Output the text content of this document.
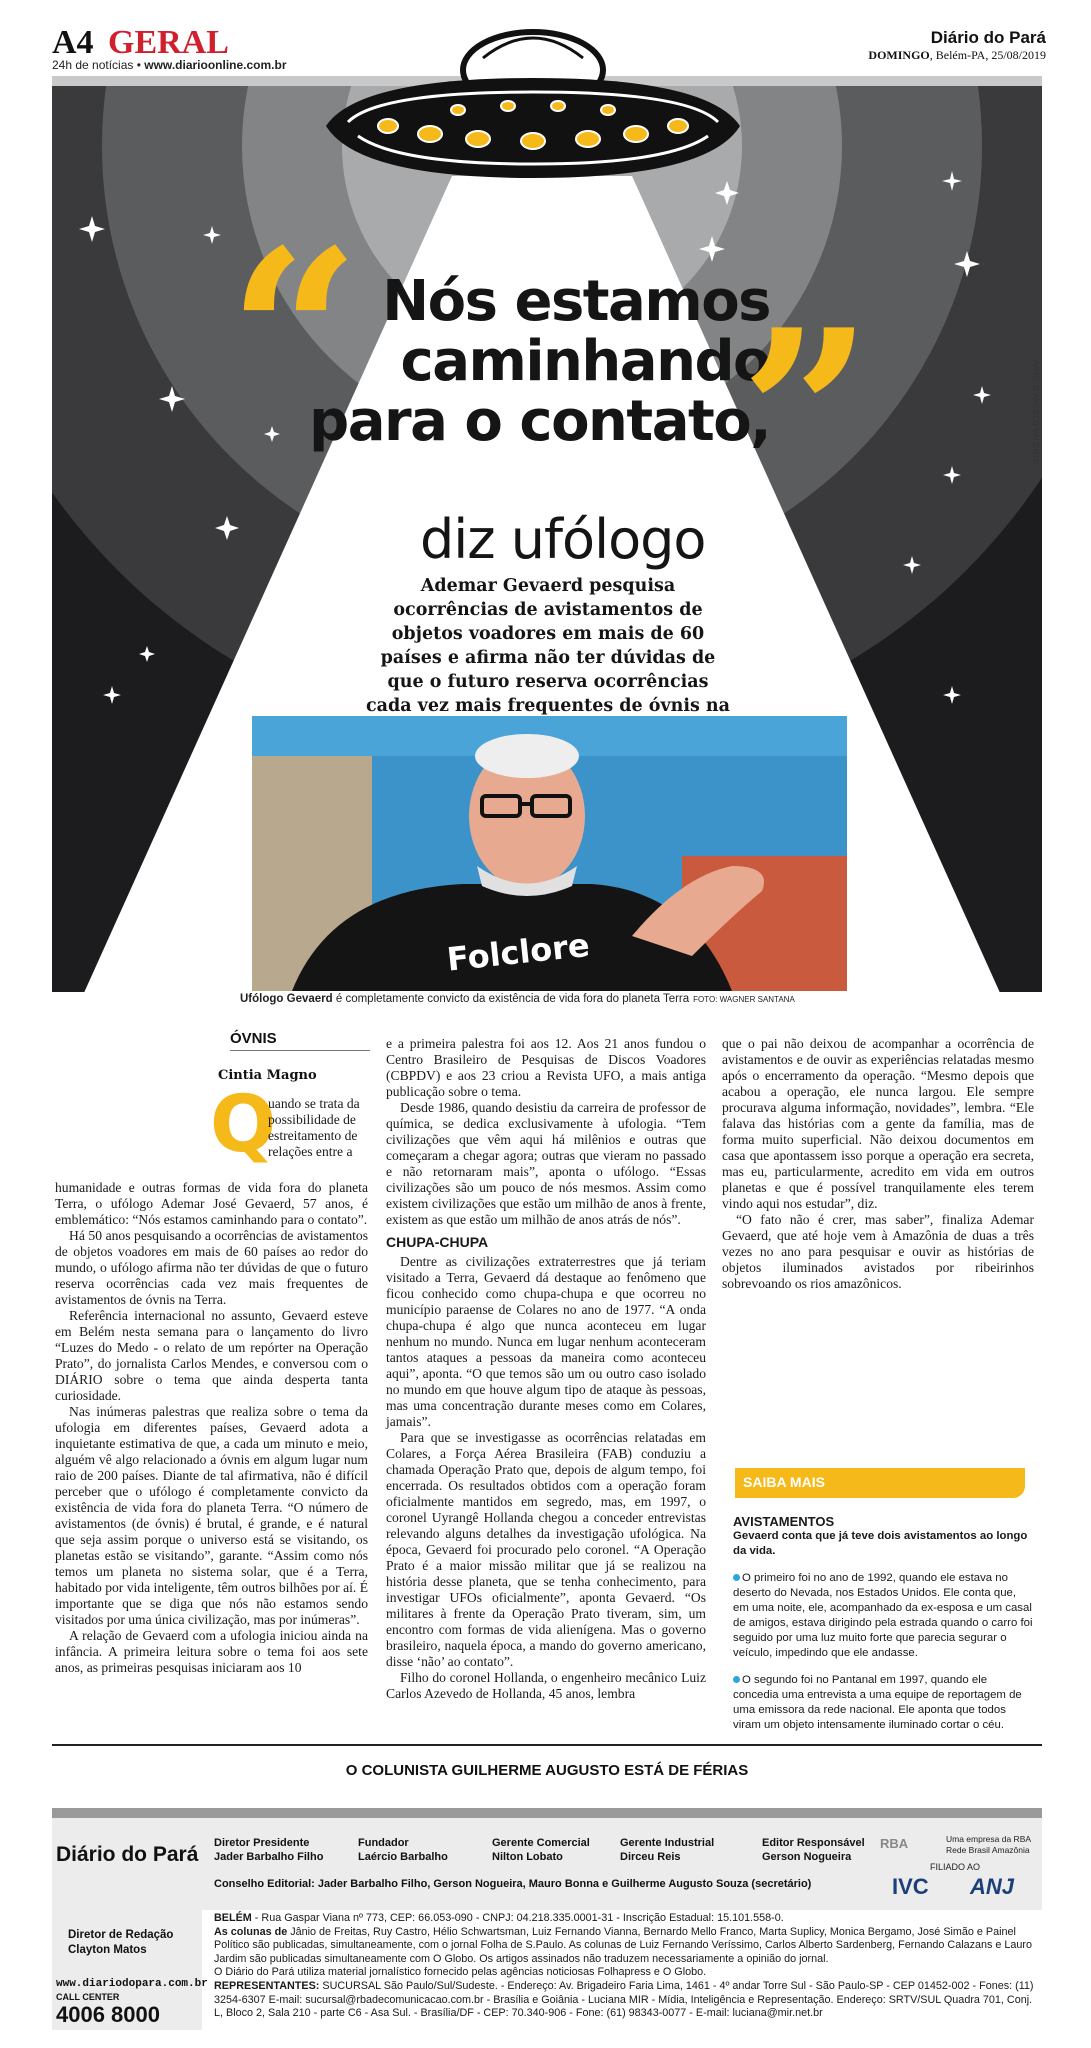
A4 GERAL
24h de notícias • www.diarioonline.com.br
Diário do Pará
DOMINGO, Belém-PA, 25/08/2019
“ Nós estamos
caminhando
para o contato,
”
diz ufólogo
Ademar Gevaerd pesquisa ocorrências de avistamentos de objetos voadores em mais de 60 países e afirma não ter dúvidas de que o futuro reserva ocorrências cada vez mais frequentes de óvnis na
ARTE: D'ANGELO VALENTE
Folclore
Ufólogo Gevaerd é completamente convicto da existência de vida fora do planeta Terra FOTO: WAGNER SANTANA
ÓVNIS
Cintia Magno
Q

uando se trata da possibilidade de estreitamento de relações entre a

humanidade e outras formas de vida fora do planeta Terra, o ufólogo Ademar José Gevaerd, 57 anos, é emblemático: “Nós estamos caminhando para o contato”.

Há 50 anos pesquisando a ocorrências de avistamentos de objetos voadores em mais de 60 países ao redor do mundo, o ufólogo afirma não ter dúvidas de que o futuro reserva ocorrências cada vez mais frequentes de avistamentos de óvnis na Terra.

Referência internacional no assunto, Gevaerd esteve em Belém nesta semana para o lançamento do livro “Luzes do Medo - o relato de um repórter na Operação Prato”, do jornalista Carlos Mendes, e conversou com o DIÁRIO sobre o tema que ainda desperta tanta curiosidade.

Nas inúmeras palestras que realiza sobre o tema da ufologia em diferentes países, Gevaerd adota a inquietante estimativa de que, a cada um minuto e meio, alguém vê algo relacionado a óvnis em algum lugar num raio de 200 países. Diante de tal afirmativa, não é difícil perceber que o ufólogo é completamente convicto da existência de vida fora do planeta Terra. “O número de avistamentos (de óvnis) é brutal, é grande, e é natural que seja assim porque o universo está se visitando, os planetas estão se visitando”, garante. “Assim como nós temos um planeta no sistema solar, que é a Terra, habitado por vida inteligente, têm outros bilhões por aí. É importante que se diga que nós não estamos sendo visitados por uma única civilização, mas por inúmeras”.

A relação de Gevaerd com a ufologia iniciou ainda na infância. A primeira leitura sobre o tema foi aos sete anos, as primeiras pesquisas iniciaram aos 10

e a primeira palestra foi aos 12. Aos 21 anos fundou o Centro Brasileiro de Pesquisas de Discos Voadores (CBPDV) e aos 23 criou a Revista UFO, a mais antiga publicação sobre o tema.

Desde 1986, quando desistiu da carreira de professor de química, se dedica exclusivamente à ufologia. “Tem civilizações que vêm aqui há milênios e outras que começaram a chegar agora; outras que vieram no passado e não retornaram mais”, aponta o ufólogo. “Essas civilizações são um pouco de nós mesmos. Assim como existem civilizações que estão um milhão de anos à frente, existem as que estão um milhão de anos atrás de nós”.

CHUPA-CHUPA

Dentre as civilizações extraterrestres que já teriam visitado a Terra, Gevaerd dá destaque ao fenômeno que ficou conhecido como chupa-chupa e que ocorreu no município paraense de Colares no ano de 1977. “A onda chupa-chupa é algo que nunca aconteceu em lugar nenhum no mundo. Nunca em lugar nenhum aconteceram tantos ataques a pessoas da maneira como aconteceu aqui”, aponta. “O que temos são um ou outro caso isolado no mundo em que houve algum tipo de ataque às pessoas, mas uma concentração durante meses como em Colares, jamais”.

Para que se investigasse as ocorrências relatadas em Colares, a Força Aérea Brasileira (FAB) conduziu a chamada Operação Prato que, depois de algum tempo, foi encerrada. Os resultados obtidos com a operação foram oficialmente mantidos em segredo, mas, em 1997, o coronel Uyrangê Hollanda chegou a conceder entrevistas relevando alguns detalhes da investigação ufológica. Na época, Gevaerd foi procurado pelo coronel. “A Operação Prato é a maior missão militar que já se realizou na história desse planeta, que se tenha conhecimento, para investigar UFOs oficialmente”, aponta Gevaerd. “Os militares à frente da Operação Prato tiveram, sim, um encontro com formas de vida alienígena. Mas o governo brasileiro, naquela época, a mando do governo americano, disse ‘não’ ao contato”.

Filho do coronel Hollanda, o engenheiro mecânico Luiz Carlos Azevedo de Hollanda, 45 anos, lembra

que o pai não deixou de acompanhar a ocorrência de avistamentos e de ouvir as experiências relatadas mesmo após o encerramento da operação. “Mesmo depois que acabou a operação, ele nunca largou. Ele sempre procurava alguma informação, novidades”, lembra. “Ele falava das histórias com a gente da família, mas de forma muito superficial. Não deixou documentos em casa que apontassem isso porque a operação era secreta, mas eu, particularmente, acredito em vida em outros planetas e que é possível tranquilamente eles terem vindo aqui nos estudar”, diz.

“O fato não é crer, mas saber”, finaliza Ademar Gevaerd, que até hoje vem à Amazônia de duas a três vezes no ano para pesquisar e ouvir as histórias de objetos iluminados avistados por ribeirinhos sobrevoando os rios amazônicos.

SAIBA MAIS
AVISTAMENTOS
Gevaerd conta que já teve dois avistamentos ao longo da vida.

O primeiro foi no ano de 1992, quando ele estava no deserto do Nevada, nos Estados Unidos. Ele conta que, em uma noite, ele, acompanhado da ex-esposa e um casal de amigos, estava dirigindo pela estrada quando o carro foi seguido por uma luz muito forte que parecia segurar o veículo, impedindo que ele andasse.

O segundo foi no Pantanal em 1997, quando ele concedia uma entrevista a uma equipe de reportagem de uma emissora da rede nacional. Ele aponta que todos viram um objeto intensamente iluminado cortar o céu.

O COLUNISTA GUILHERME AUGUSTO ESTÁ DE FÉRIAS
Diário do Pará Diretor Presidente
Jader Barbalho Filho
Fundador
Laércio Barbalho
Gerente Comercial
Nilton Lobato
Gerente Industrial
Dirceu Reis
Editor Responsável
Gerson Nogueira
Conselho Editorial: Jader Barbalho Filho, Gerson Nogueira, Mauro Bonna e Guilherme Augusto Souza (secretário)
RBA	Uma empresa da RBA
Rede Brasil Amazônia
FILIADO AO
IVC ANJ
Diretor de Redação
Clayton Matos
www.diariodopara.com.br
CALL CENTER
4006 8000
BELÉM - Rua Gaspar Viana nº 773, CEP: 66.053-090 - CNPJ: 04.218.335.0001-31 - Inscrição Estadual: 15.101.558-0.
As colunas de Jânio de Freitas, Ruy Castro, Hélio Schwartsman, Luiz Fernando Vianna, Bernardo Mello Franco, Marta Suplicy, Monica Bergamo, José Simão e Painel Político são publicadas, simultaneamente, com o jornal Folha de S.Paulo. As colunas de Luiz Fernando Veríssimo, Carlos Alberto Sardenberg, Fernando Calazans e Lauro Jardim são publicadas simultaneamente com O Globo. Os artigos assinados não traduzem necessariamente a opinião do jornal.
O Diário do Pará utiliza material jornalístico fornecido pelas agências noticiosas Folhapress e O Globo.
REPRESENTANTES: SUCURSAL São Paulo/Sul/Sudeste. - Endereço: Av. Brigadeiro Faria Lima, 1461 - 4º andar Torre Sul - São Paulo-SP - CEP 01452-002 - Fones: (11) 3254-6307 E-mail: sucursal@rbadecomunicacao.com.br - Brasília e Goiânia - Luciana MIR - Mídia, Inteligência e Representação. Endereço: SRTV/SUL Quadra 701, Conj. L, Bloco 2, Sala 210 - parte C6 - Asa Sul. - Brasília/DF - CEP: 70.340-906 - Fone: (61) 98343-0077 - E-mail: luciana@mir.net.br
